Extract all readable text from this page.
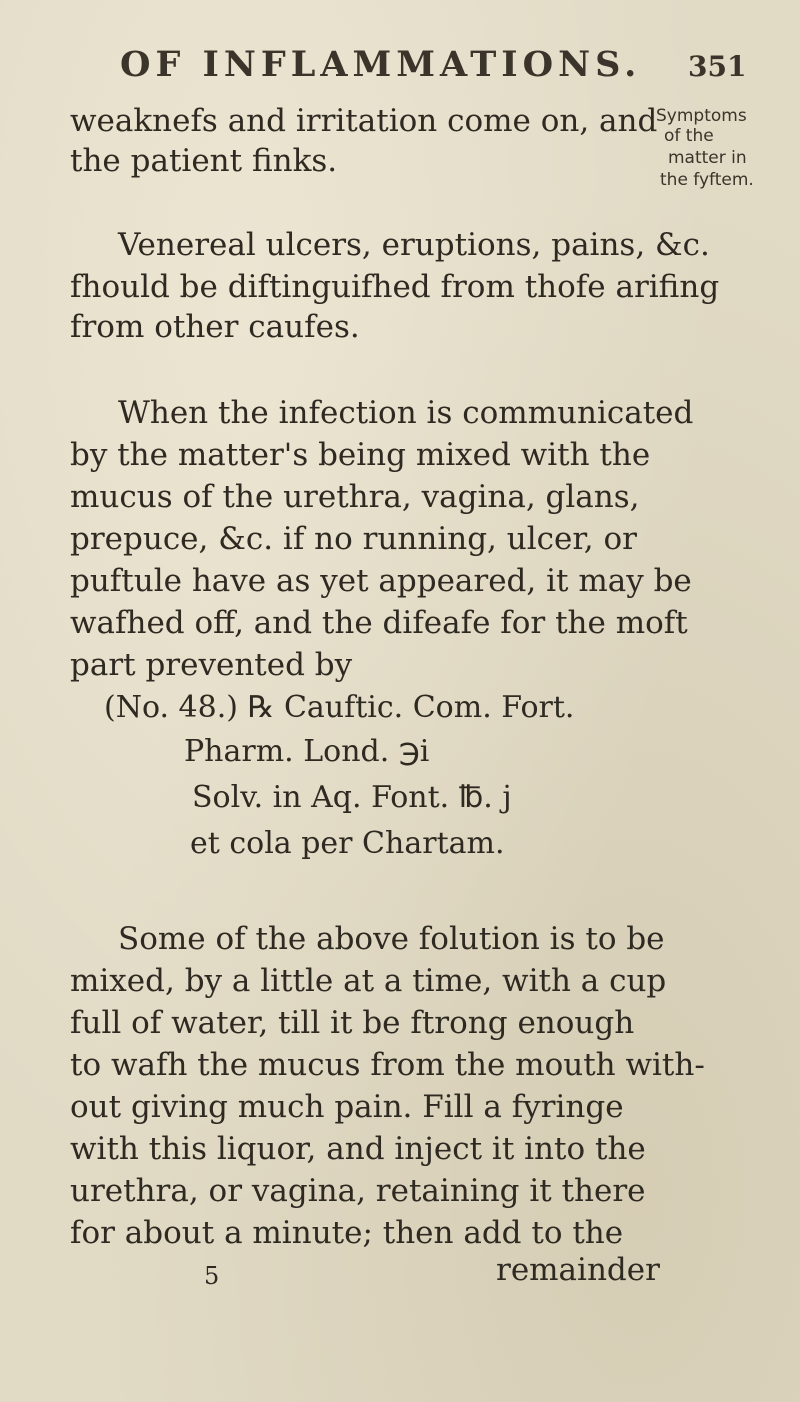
OF INFLAMMATIONS. 351
Symptoms
of the
matter in
the fyftem.
weaknefs and irritation come on, and
the patient finks.
Venereal ulcers, eruptions, pains, &c.
fhould be diftinguifhed from thofe arifing
from other caufes.
When the infection is communicated
by the matter's being mixed with the
mucus of the urethra, vagina, glans,
prepuce, &c. if no running, ulcer, or
puftule have as yet appeared, it may be
wafhed off, and the difeafe for the moft
part prevented by
(No. 48.) ℞ Cauftic. Com. Fort.
Pharm. Lond. ℈i
Solv. in Aq. Font. ℔. j
et cola per Chartam.
Some of the above folution is to be
mixed, by a little at a time, with a cup
full of water, till it be ftrong enough
to wafh the mucus from the mouth with-
out giving much pain. Fill a fyringe
with this liquor, and inject it into the
urethra, or vagina, retaining it there
for about a minute; then add to the
5	remainder
